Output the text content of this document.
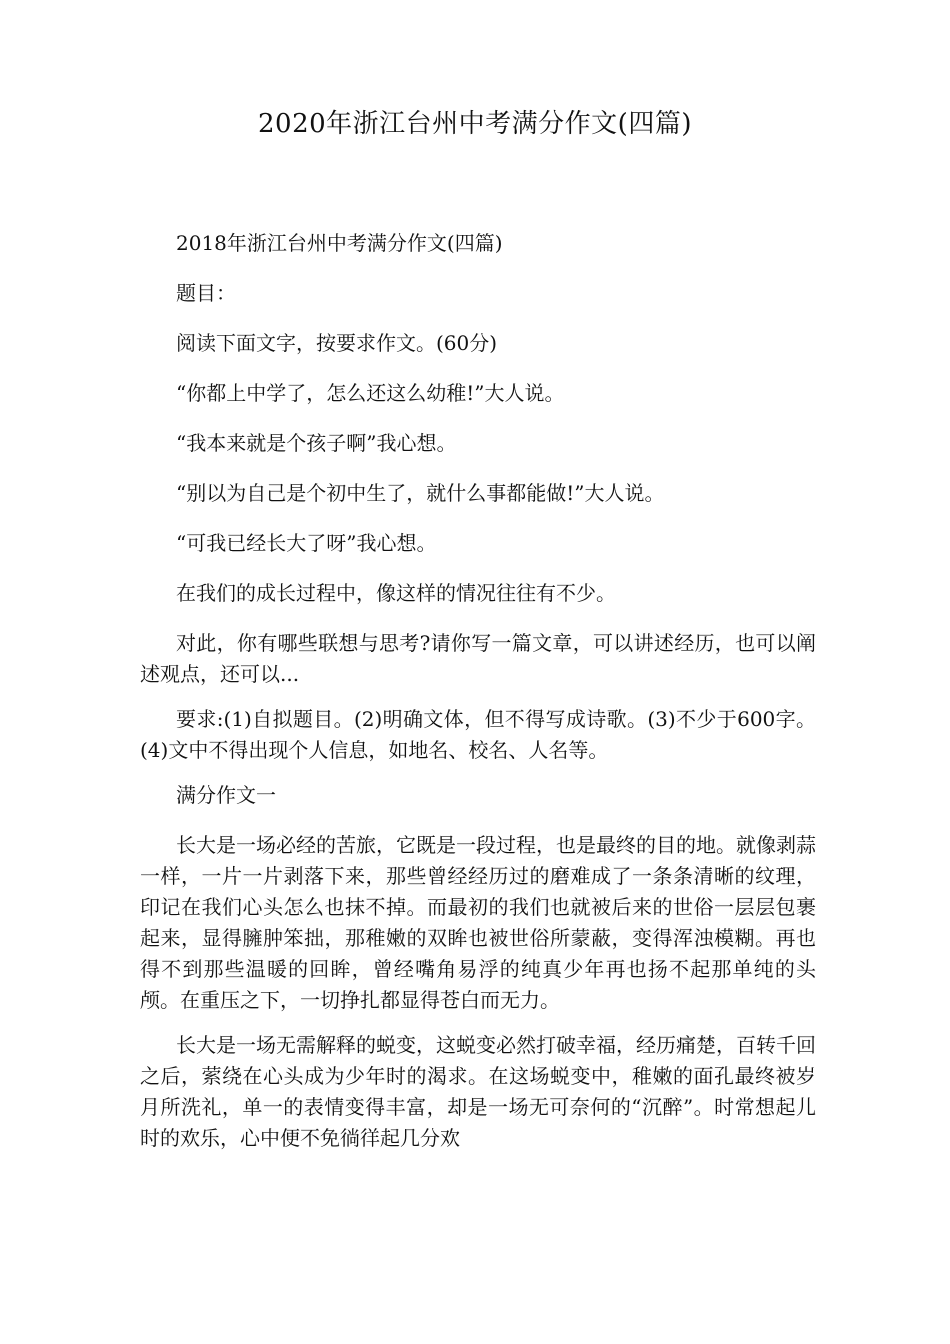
2020年浙江台州中考满分作文(四篇)

2018年浙江台州中考满分作文(四篇)

题目：

阅读下面文字，按要求作文。(60分)

“你都上中学了，怎么还这么幼稚!”大人说。

“我本来就是个孩子啊”我心想。

“别以为自己是个初中生了，就什么事都能做!”大人说。

“可我已经长大了呀”我心想。

在我们的成长过程中，像这样的情况往往有不少。

对此，你有哪些联想与思考?请你写一篇文章，可以讲述经历，也可以阐述观点，还可以...

要求:(1)自拟题目。(2)明确文体，但不得写成诗歌。(3)不少于600字。(4)文中不得出现个人信息，如地名、校名、人名等。

满分作文一

长大是一场必经的苦旅，它既是一段过程，也是最终的目的地。就像剥蒜一样，一片一片剥落下来，那些曾经经历过的磨难成了一条条清晰的纹理，印记在我们心头怎么也抹不掉。而最初的我们也就被后来的世俗一层层包裹起来，显得臃肿笨拙，那稚嫩的双眸也被世俗所蒙蔽，变得浑浊模糊。再也得不到那些温暖的回眸，曾经嘴角易浮的纯真少年再也扬不起那单纯的头颅。在重压之下，一切挣扎都显得苍白而无力。

长大是一场无需解释的蜕变，这蜕变必然打破幸福，经历痛楚，百转千回之后，萦绕在心头成为少年时的渴求。在这场蜕变中，稚嫩的面孔最终被岁月所洗礼，单一的表情变得丰富，却是一场无可奈何的“沉醉”。时常想起儿时的欢乐，心中便不免徜徉起几分欢
